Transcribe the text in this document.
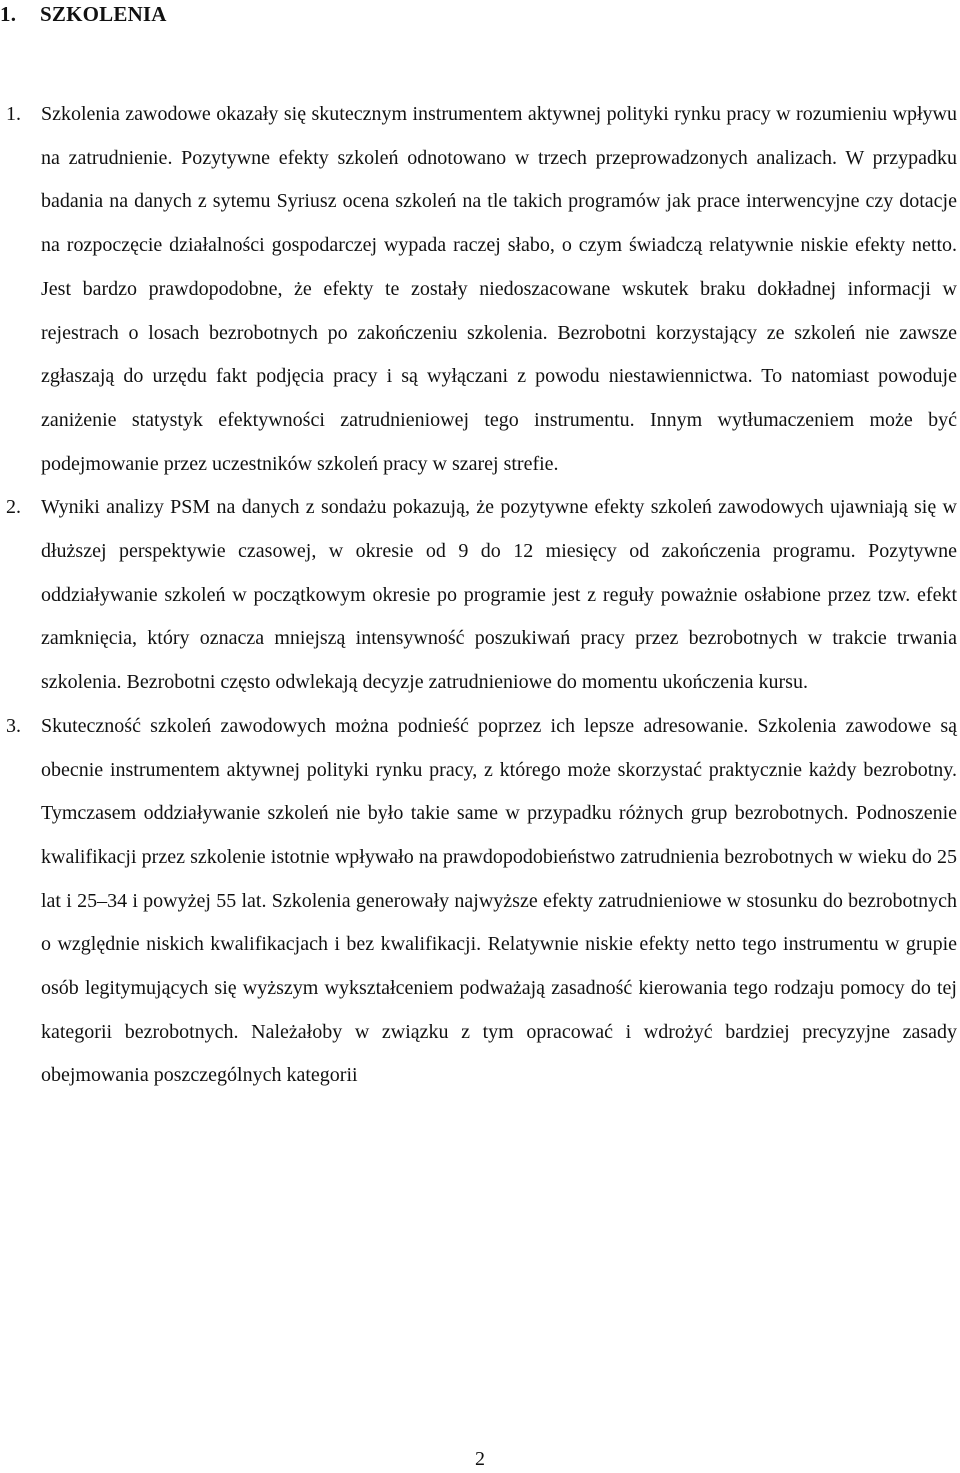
1. SZKOLENIA
1. Szkolenia zawodowe okazały się skutecznym instrumentem aktywnej polityki rynku pracy w rozumieniu wpływu na zatrudnienie. Pozytywne efekty szkoleń odnotowano w trzech przeprowadzonych analizach. W przypadku badania na danych z sytemu Syriusz ocena szkoleń na tle takich programów jak prace interwencyjne czy dotacje na rozpoczęcie działalności gospodarczej wypada raczej słabo, o czym świadczą relatywnie niskie efekty netto. Jest bardzo prawdopodobne, że efekty te zostały niedoszacowane wskutek braku dokładnej informacji w rejestrach o losach bezrobotnych po zakończeniu szkolenia. Bezrobotni korzystający ze szkoleń nie zawsze zgłaszają do urzędu fakt podjęcia pracy i są wyłączani z powodu niestawiennictwa. To natomiast powoduje zaniżenie statystyk efektywności zatrudnieniowej tego instrumentu. Innym wytłumaczeniem może być podejmowanie przez uczestników szkoleń pracy w szarej strefie.
2. Wyniki analizy PSM na danych z sondażu pokazują, że pozytywne efekty szkoleń zawodowych ujawniają się w dłuższej perspektywie czasowej, w okresie od 9 do 12 miesięcy od zakończenia programu. Pozytywne oddziaływanie szkoleń w początkowym okresie po programie jest z reguły poważnie osłabione przez tzw. efekt zamknięcia, który oznacza mniejszą intensywność poszukiwań pracy przez bezrobotnych w trakcie trwania szkolenia. Bezrobotni często odwlekają decyzje zatrudnieniowe do momentu ukończenia kursu.
3. Skuteczność szkoleń zawodowych można podnieść poprzez ich lepsze adresowanie. Szkolenia zawodowe są obecnie instrumentem aktywnej polityki rynku pracy, z którego może skorzystać praktycznie każdy bezrobotny. Tymczasem oddziaływanie szkoleń nie było takie same w przypadku różnych grup bezrobotnych. Podnoszenie kwalifikacji przez szkolenie istotnie wpływało na prawdopodobieństwo zatrudnienia bezrobotnych w wieku do 25 lat i 25–34 i powyżej 55 lat. Szkolenia generowały najwyższe efekty zatrudnieniowe w stosunku do bezrobotnych o względnie niskich kwalifikacjach i bez kwalifikacji. Relatywnie niskie efekty netto tego instrumentu w grupie osób legitymujących się wyższym wykształceniem podważają zasadność kierowania tego rodzaju pomocy do tej kategorii bezrobotnych. Należałoby w związku z tym opracować i wdrożyć bardziej precyzyjne zasady obejmowania poszczególnych kategorii
2
